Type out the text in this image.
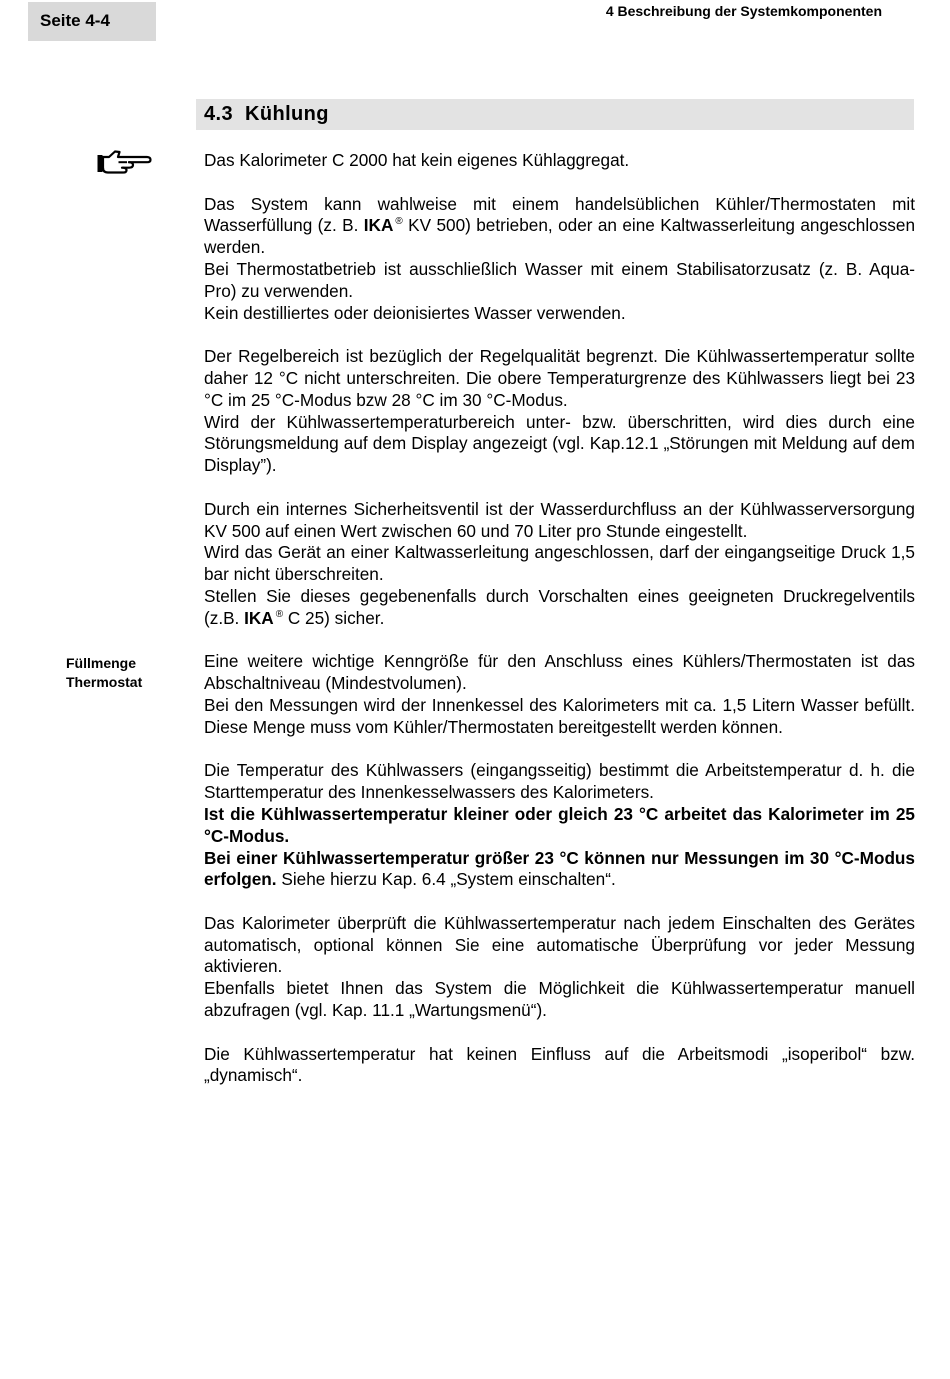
Seite 4-4	4 Beschreibung der Systemkomponenten
4.3 Kühlung
Füllmenge
Thermostat

Das Kalorimeter C 2000 hat kein eigenes Kühlaggregat.

Das System kann wahlweise mit einem handelsüblichen Kühler/Thermostaten mit Wasserfüllung (z. B. IKA ® KV 500) betrieben, oder an eine Kaltwasserleitung angeschlossen werden.
Bei Thermostatbetrieb ist ausschließlich Wasser mit einem Stabilisatorzusatz (z. B. Aqua-Pro) zu verwenden.
Kein destilliertes oder deionisiertes Wasser verwenden.

Der Regelbereich ist bezüglich der Regelqualität begrenzt. Die Kühlwassertemperatur sollte daher 12 °C nicht unterschreiten. Die obere Temperaturgrenze des Kühlwassers liegt bei 23 °C im 25 °C-Modus bzw 28 °C im 30 °C-Modus.
Wird der Kühlwassertemperaturbereich unter- bzw. überschritten, wird dies durch eine Störungsmeldung auf dem Display angezeigt (vgl. Kap.12.1 „Störungen mit Meldung auf dem Display”).

Durch ein internes Sicherheitsventil ist der Wasserdurchfluss an der Kühlwasserversorgung KV 500 auf einen Wert zwischen 60 und 70 Liter pro Stunde eingestellt.
Wird das Gerät an einer Kaltwasserleitung angeschlossen, darf der eingangseitige Druck 1,5 bar nicht überschreiten.
Stellen Sie dieses gegebenenfalls durch Vorschalten eines geeigneten Druckregelventils (z.B. IKA ® C 25) sicher.

Eine weitere wichtige Kenngröße für den Anschluss eines Kühlers/Thermostaten ist das Abschaltniveau (Mindestvolumen).
Bei den Messungen wird der Innenkessel des Kalorimeters mit ca. 1,5 Litern Wasser befüllt. Diese Menge muss vom Kühler/Thermostaten bereitgestellt werden können.

Die Temperatur des Kühlwassers (eingangsseitig) bestimmt die Arbeitstemperatur d. h. die Starttemperatur des Innenkesselwassers des Kalorimeters.
Ist die Kühlwassertemperatur kleiner oder gleich 23 °C arbeitet das Kalorimeter im 25 °C-Modus.
Bei einer Kühlwassertemperatur größer 23 °C können nur Messungen im 30 °C-Modus erfolgen. Siehe hierzu Kap. 6.4 „System einschalten“.

Das Kalorimeter überprüft die Kühlwassertemperatur nach jedem Einschalten des Gerätes automatisch, optional können Sie eine automatische Überprüfung vor jeder Messung aktivieren.
Ebenfalls bietet Ihnen das System die Möglichkeit die Kühlwassertemperatur manuell abzufragen (vgl. Kap. 11.1 „Wartungsmenü“).

Die Kühlwassertemperatur hat keinen Einfluss auf die Arbeitsmodi „isoperibol“ bzw. „dynamisch“.
